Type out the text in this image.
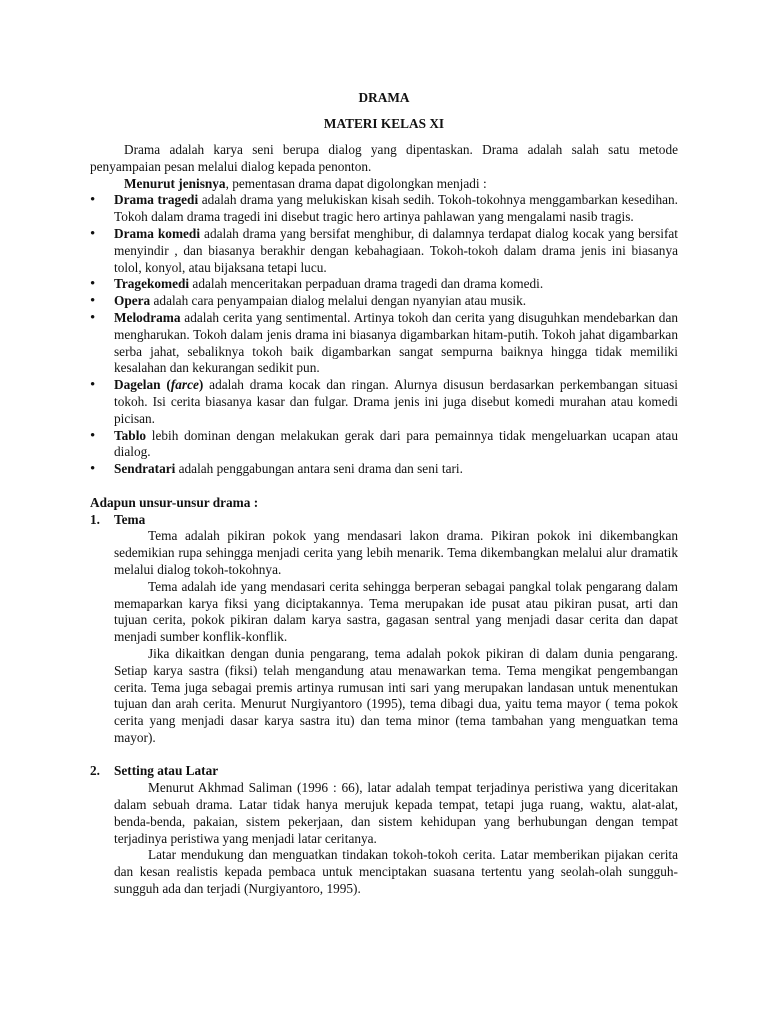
DRAMA
MATERI KELAS XI

Drama adalah karya seni berupa dialog yang dipentaskan. Drama adalah salah satu metode penyampaian pesan melalui dialog kepada penonton.

Menurut jenisnya, pementasan drama dapat digolongkan menjadi :

• Drama tragedi adalah drama yang melukiskan kisah sedih. Tokoh-tokohnya menggambarkan kesedihan. Tokoh dalam drama tragedi ini disebut tragic hero artinya pahlawan yang mengalami nasib tragis.
• Drama komedi adalah drama yang bersifat menghibur, di dalamnya terdapat dialog kocak yang bersifat menyindir , dan biasanya berakhir dengan kebahagiaan. Tokoh-tokoh dalam drama jenis ini biasanya tolol, konyol, atau bijaksana tetapi lucu.
• Tragekomedi adalah menceritakan perpaduan drama tragedi dan drama komedi.
• Opera adalah cara penyampaian dialog melalui dengan nyanyian atau musik.
• Melodrama adalah cerita yang sentimental. Artinya tokoh dan cerita yang disuguhkan mendebarkan dan mengharukan. Tokoh dalam jenis drama ini biasanya digambarkan hitam-putih. Tokoh jahat digambarkan serba jahat, sebaliknya tokoh baik digambarkan sangat sempurna baiknya hingga tidak memiliki kesalahan dan kekurangan sedikit pun.
• Dagelan (farce) adalah drama kocak dan ringan. Alurnya disusun berdasarkan perkembangan situasi tokoh. Isi cerita biasanya kasar dan fulgar. Drama jenis ini juga disebut komedi murahan atau komedi picisan.
• Tablo lebih dominan dengan melakukan gerak dari para pemainnya tidak mengeluarkan ucapan atau dialog.
• Sendratari adalah penggabungan antara seni drama dan seni tari.
Adapun unsur-unsur drama :
1. Tema

Tema adalah pikiran pokok yang mendasari lakon drama. Pikiran pokok ini dikembangkan sedemikian rupa sehingga menjadi cerita yang lebih menarik. Tema dikembangkan melalui alur dramatik melalui dialog tokoh-tokohnya.

Tema adalah ide yang mendasari cerita sehingga berperan sebagai pangkal tolak pengarang dalam memaparkan karya fiksi yang diciptakannya. Tema merupakan ide pusat atau pikiran pusat, arti dan tujuan cerita, pokok pikiran dalam karya sastra, gagasan sentral yang menjadi dasar cerita dan dapat menjadi sumber konflik-konflik.

Jika dikaitkan dengan dunia pengarang, tema adalah pokok pikiran di dalam dunia pengarang. Setiap karya sastra (fiksi) telah mengandung atau menawarkan tema. Tema mengikat pengembangan cerita. Tema juga sebagai premis artinya rumusan inti sari yang merupakan landasan untuk menentukan tujuan dan arah cerita. Menurut Nurgiyantoro (1995), tema dibagi dua, yaitu tema mayor ( tema pokok cerita yang menjadi dasar karya sastra itu) dan tema minor (tema tambahan yang menguatkan tema mayor).

2. Setting atau Latar

Menurut Akhmad Saliman (1996 : 66), latar adalah tempat terjadinya peristiwa yang diceritakan dalam sebuah drama. Latar tidak hanya merujuk kepada tempat, tetapi juga ruang, waktu, alat-alat, benda-benda, pakaian, sistem pekerjaan, dan sistem kehidupan yang berhubungan dengan tempat terjadinya peristiwa yang menjadi latar ceritanya.

Latar mendukung dan menguatkan tindakan tokoh-tokoh cerita. Latar memberikan pijakan cerita dan kesan realistis kepada pembaca untuk menciptakan suasana tertentu yang seolah-olah sungguh-sungguh ada dan terjadi (Nurgiyantoro, 1995).
